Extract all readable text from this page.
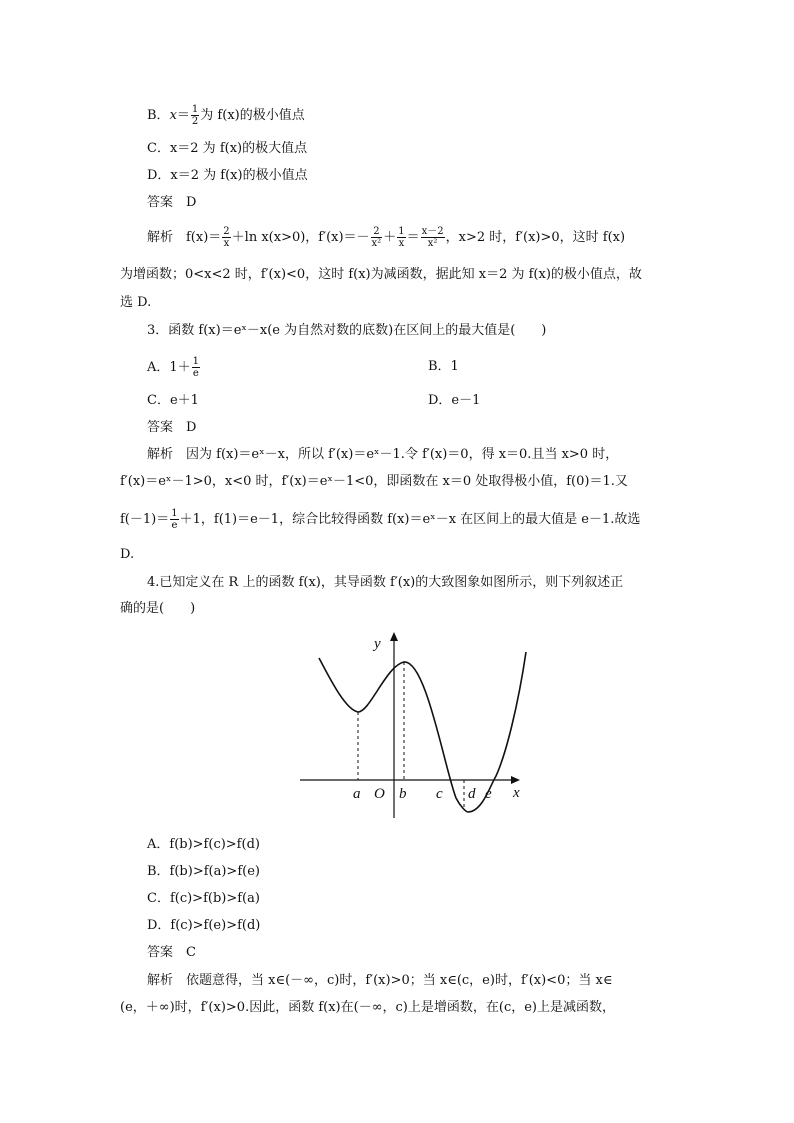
B．$x= \frac{1}{2}$ 为 f(x)的极小值点
C．x＝2 为 f(x)的极大值点
D．x＝2 为 f(x)的极小值点
答案　D
解析　$f(x)= \frac{2}{x} +\ln$ x(x>0)，$f'(x)=- \frac{2}{\text{x²}} + \frac{1}{x} = \frac{x-2}{\text{x²}}$ ，x>2 时，f′(x)>0，这时 f(x)
为增函数；0<x<2 时，f′(x)<0，这时 f(x)为减函数，据此知 x＝2 为 f(x)的极小值点，故
选 D.
3．函数 f(x)＝eˣ－x(e 为自然对数的底数)在区间上的最大值是(　　)
A．$1+ \frac{1}{e}$	B．1
C．e＋1	D．e－1
答案　D
解析　因为 f(x)＝eˣ－x，所以 f′(x)＝eˣ－1.令 f′(x)＝0，得 x＝0.且当 x>0 时，
f′(x)＝eˣ－1>0，x<0 时，f′(x)＝eˣ－1<0，即函数在 x＝0 处取得极小值，f(0)＝1.又
$f(-1)= \frac{1}{e} +1$，f(1)＝e－1，综合比较得函数 f(x)＝eˣ－x 在区间上的最大值是 e－1.故选
D.
4.已知定义在 R 上的函数 f(x)，其导函数 f′(x)的大致图象如图所示，则下列叙述正
确的是(　　)
y
x
O
a	b c d e
A．f(b)>f(c)>f(d)
B．f(b)>f(a)>f(e)
C．f(c)>f(b)>f(a)
D．f(c)>f(e)>f(d)
答案　C
解析　依题意得，当 x∈(－∞，c)时，f′(x)>0；当 x∈(c，e)时，f′(x)<0；当 x∈
(e，＋∞)时，f′(x)>0.因此，函数 f(x)在(－∞，c)上是增函数，在(c，e)上是减函数，
